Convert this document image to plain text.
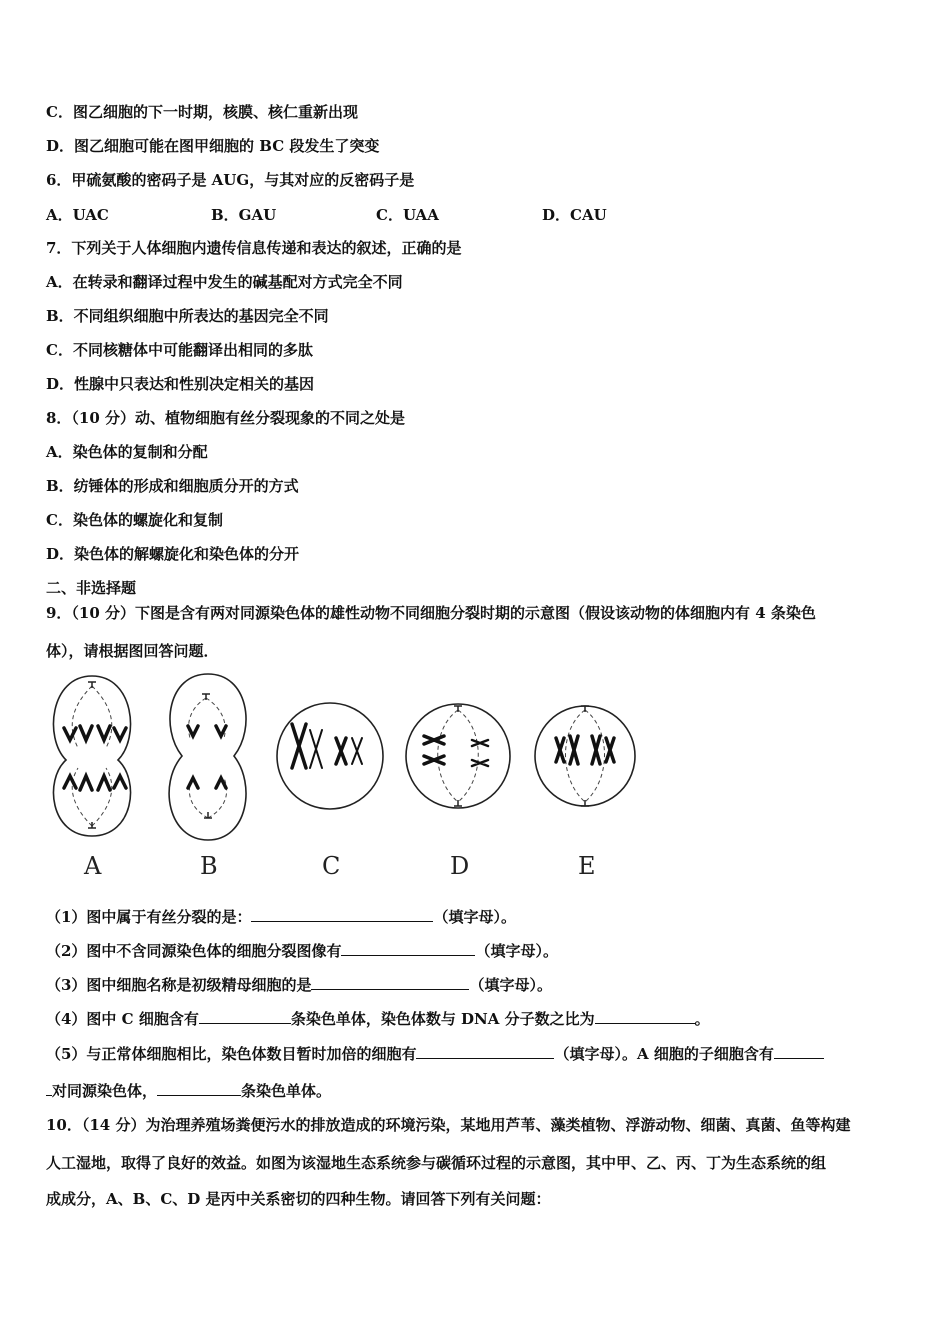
C．图乙细胞的下一时期，核膜、核仁重新出现
D．图乙细胞可能在图甲细胞的 BC 段发生了突变
6．甲硫氨酸的密码子是 AUG，与其对应的反密码子是
A．UAC	B．GAU	C．UAA	D．CAU
7．下列关于人体细胞内遗传信息传递和表达的叙述，正确的是
A．在转录和翻译过程中发生的碱基配对方式完全不同
B．不同组织细胞中所表达的基因完全不同
C．不同核糖体中可能翻译出相同的多肽
D．性腺中只表达和性别决定相关的基因
8．（10 分）动、植物细胞有丝分裂现象的不同之处是
A．染色体的复制和分配
B．纺锤体的形成和细胞质分开的方式
C．染色体的螺旋化和复制
D．染色体的解螺旋化和染色体的分开
二、非选择题
9．（10 分）下图是含有两对同源染色体的雄性动物不同细胞分裂时期的示意图（假设该动物的体细胞内有 4 条染色
体），请根据图回答问题．
A	B	C	D	E
（1）图中属于有丝分裂的是：	（填字母）。
（2）图中不含同源染色体的细胞分裂图像有	（填字母）。
（3）图中细胞名称是初级精母细胞的是	（填字母）。
（4）图中 C 细胞含有	条染色单体，染色体数与 DNA 分子数之比为	。
（5）与正常体细胞相比，染色体数目暂时加倍的细胞有	（填字母）。A 细胞的子细胞含有
对同源染色体，	条染色单体。
10．（14 分）为治理养殖场粪便污水的排放造成的环境污染，某地用芦苇、藻类植物、浮游动物、细菌、真菌、鱼等构建
人工湿地，取得了良好的效益。如图为该湿地生态系统参与碳循环过程的示意图，其中甲、乙、丙、丁为生态系统的组
成成分，A、B、C、D 是丙中关系密切的四种生物。请回答下列有关问题：
